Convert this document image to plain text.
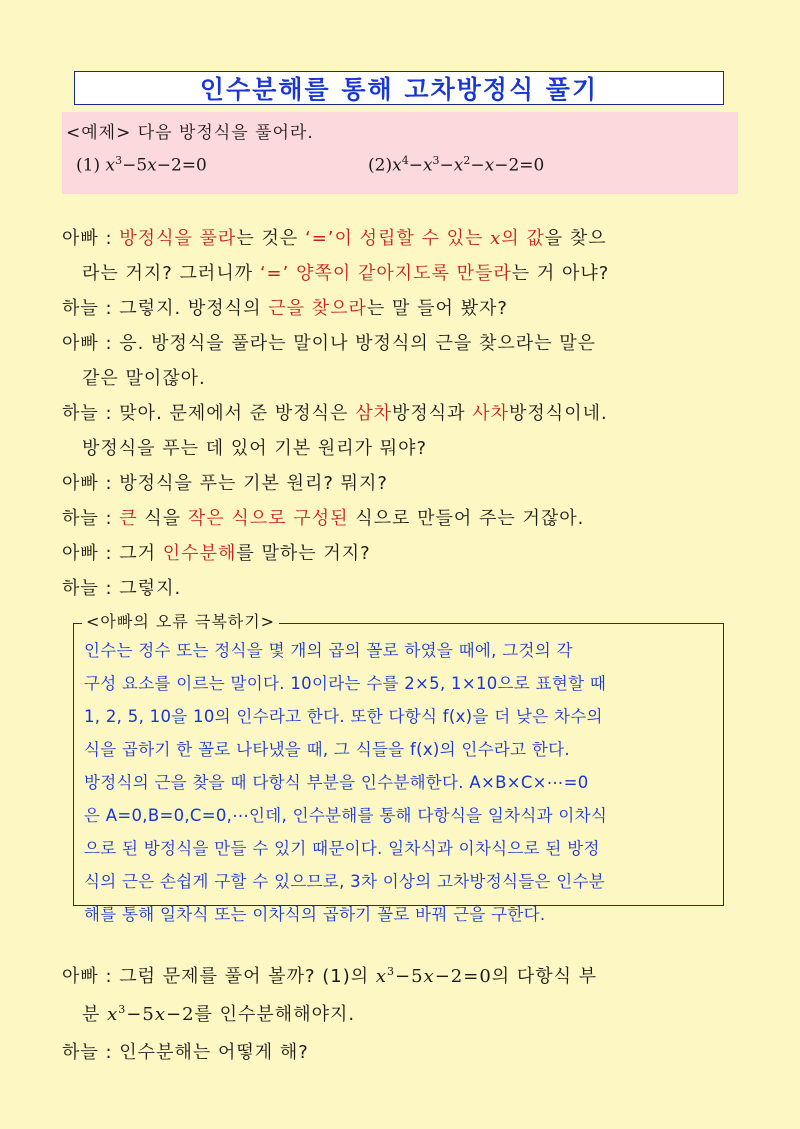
인수분해를 통해 고차방정식 풀기
<예제> 다음 방정식을 풀어라.
(1) $x^3-5x-2=0$	$(2)x^4-x^3-x^2-x-2=0$
아빠 : 방정식을 풀라는 것은 ‘=’이 성립할 수 있는 x의 값을 찾으
라는 거지? 그러니까 ‘=’ 양쪽이 같아지도록 만들라는 거 아냐?
하늘 : 그렇지. 방정식의 근을 찾으라는 말 들어 봤자?
아빠 : 응. 방정식을 풀라는 말이나 방정식의 근을 찾으라는 말은
같은 말이잖아.
하늘 : 맞아. 문제에서 준 방정식은 삼차방정식과 사차방정식이네.
방정식을 푸는 데 있어 기본 원리가 뭐야?
아빠 : 방정식을 푸는 기본 원리? 뭐지?
하늘 : 큰 식을 작은 식으로 구성된 식으로 만들어 주는 거잖아.
아빠 : 그거 인수분해를 말하는 거지?
하늘 : 그렇지.
<아빠의 오류 극복하기>

인수는 정수 또는 정식을 몇 개의 곱의 꼴로 하였을 때에, 그것의 각

구성 요소를 이르는 말이다. 10이라는 수를 2×5, 1×10으로 표현할 때

1, 2, 5, 10을 10의 인수라고 한다. 또한 다항식 f(x)을 더 낮은 차수의

식을 곱하기 한 꼴로 나타냈을 때, 그 식들을 f(x)의 인수라고 한다.

방정식의 근을 찾을 때 다항식 부분을 인수분해한다. A×B×C×⋯=0

은 A=0,B=0,C=0,⋯인데, 인수분해를 통해 다항식을 일차식과 이차식

으로 된 방정식을 만들 수 있기 때문이다. 일차식과 이차식으로 된 방정

식의 근은 손쉽게 구할 수 있으므로, 3차 이상의 고차방정식들은 인수분

해를 통해 일차식 또는 이차식의 곱하기 꼴로 바꿔 근을 구한다.

아빠 : 그럼 문제를 풀어 볼까? (1)의 $x^3-5x-2=0$의 다항식 부
분 $x^3-5x-2$를 인수분해해야지.
하늘 : 인수분해는 어떻게 해?
